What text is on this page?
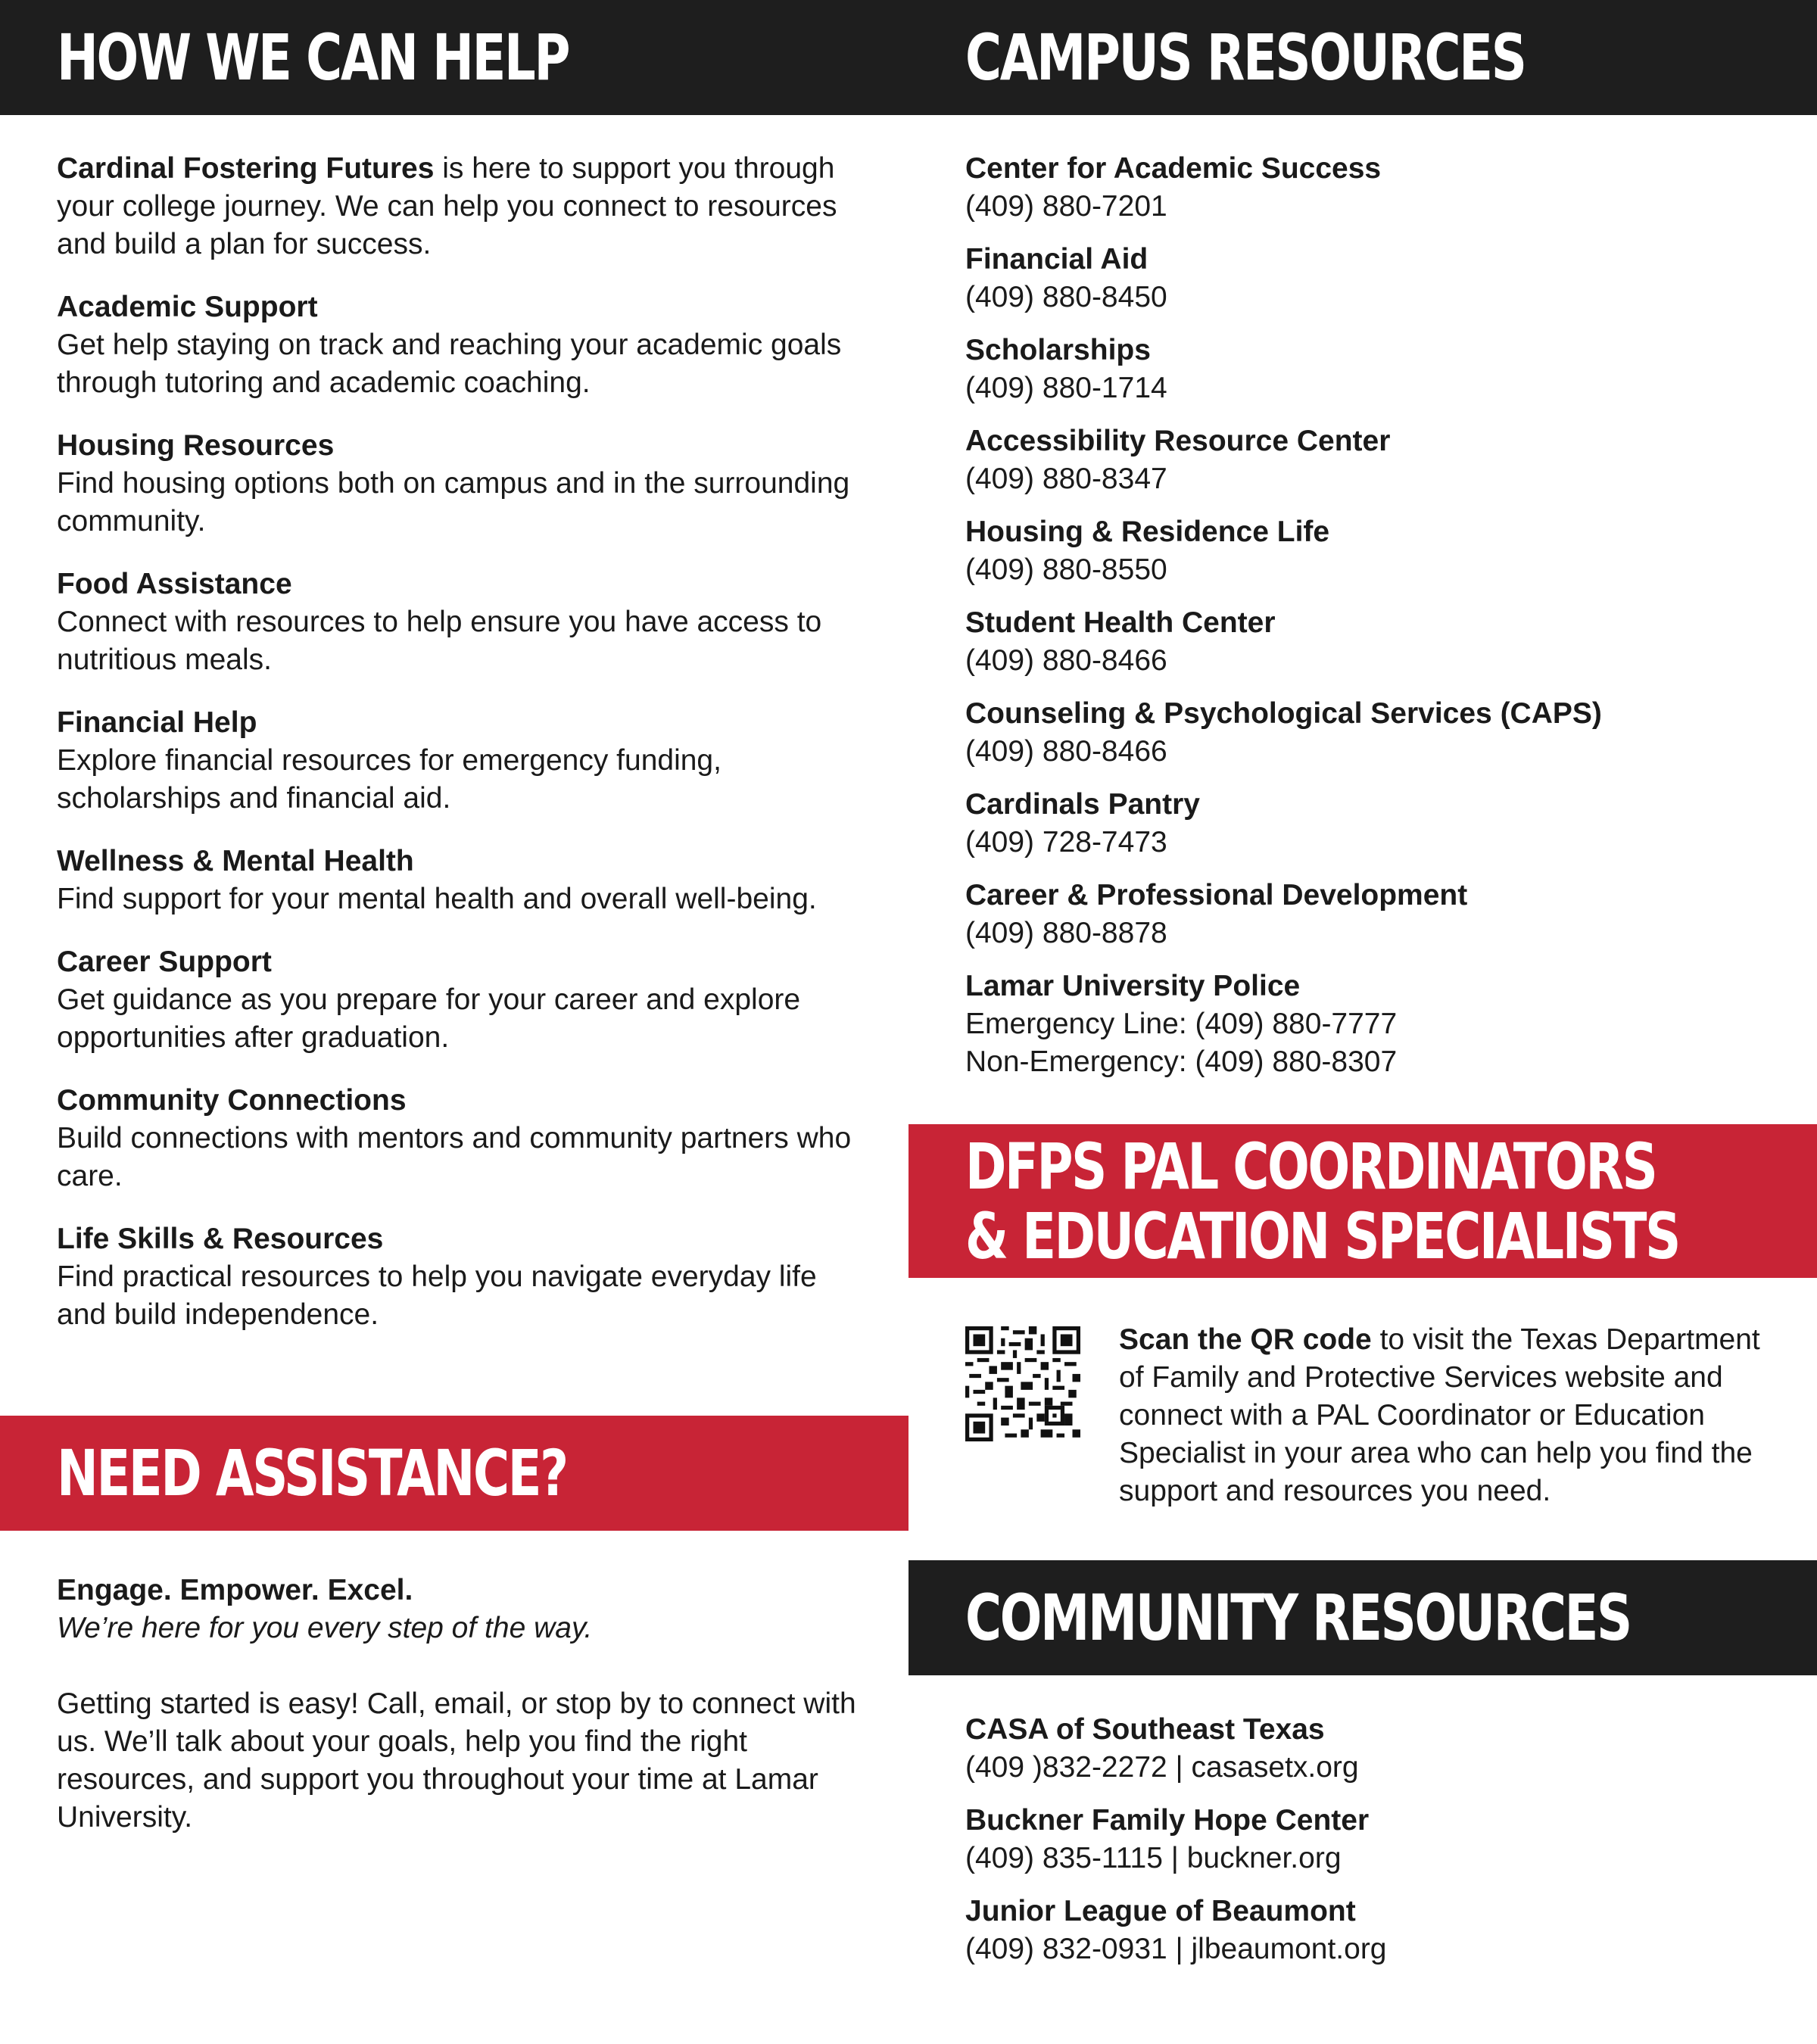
HOW WE CAN HELP
Cardinal Fostering Futures is here to support you through your college journey. We can help you connect to resources and build a plan for success.
Academic Support
Get help staying on track and reaching your academic goals through tutoring and academic coaching.
Housing Resources
Find housing options both on campus and in the surrounding community.
Food Assistance
Connect with resources to help ensure you have access to nutritious meals.
Financial Help
Explore financial resources for emergency funding, scholarships and financial aid.
Wellness & Mental Health
Find support for your mental health and overall well-being.
Career Support
Get guidance as you prepare for your career and explore opportunities after graduation.
Community Connections
Build connections with mentors and community partners who care.
Life Skills & Resources
Find practical resources to help you navigate everyday life and build independence.
NEED ASSISTANCE?
Engage. Empower. Excel.
We’re here for you every step of the way.
Getting started is easy! Call, email, or stop by to connect with us. We’ll talk about your goals, help you find the right resources, and support you throughout your time at Lamar University.
CAMPUS RESOURCES
Center for Academic Success
(409) 880-7201
Financial Aid
(409) 880-8450
Scholarships
(409) 880-1714
Accessibility Resource Center
(409) 880-8347
Housing & Residence Life
(409) 880-8550
Student Health Center
(409) 880-8466
Counseling & Psychological Services (CAPS)
(409) 880-8466
Cardinals Pantry
(409) 728-7473
Career & Professional Development
(409) 880-8878
Lamar University Police
Emergency Line: (409) 880-7777
Non-Emergency: (409) 880-8307
DFPS PAL COORDINATORS
& EDUCATION SPECIALISTS
Scan the QR code to visit the Texas Department of Family and Protective Services website and connect with a PAL Coordinator or Education Specialist in your area who can help you find the support and resources you need.
COMMUNITY RESOURCES
CASA of Southeast Texas
(409 )832-2272 | casasetx.org
Buckner Family Hope Center
(409) 835-1115 | buckner.org
Junior League of Beaumont
(409) 832-0931 | jlbeaumont.org
